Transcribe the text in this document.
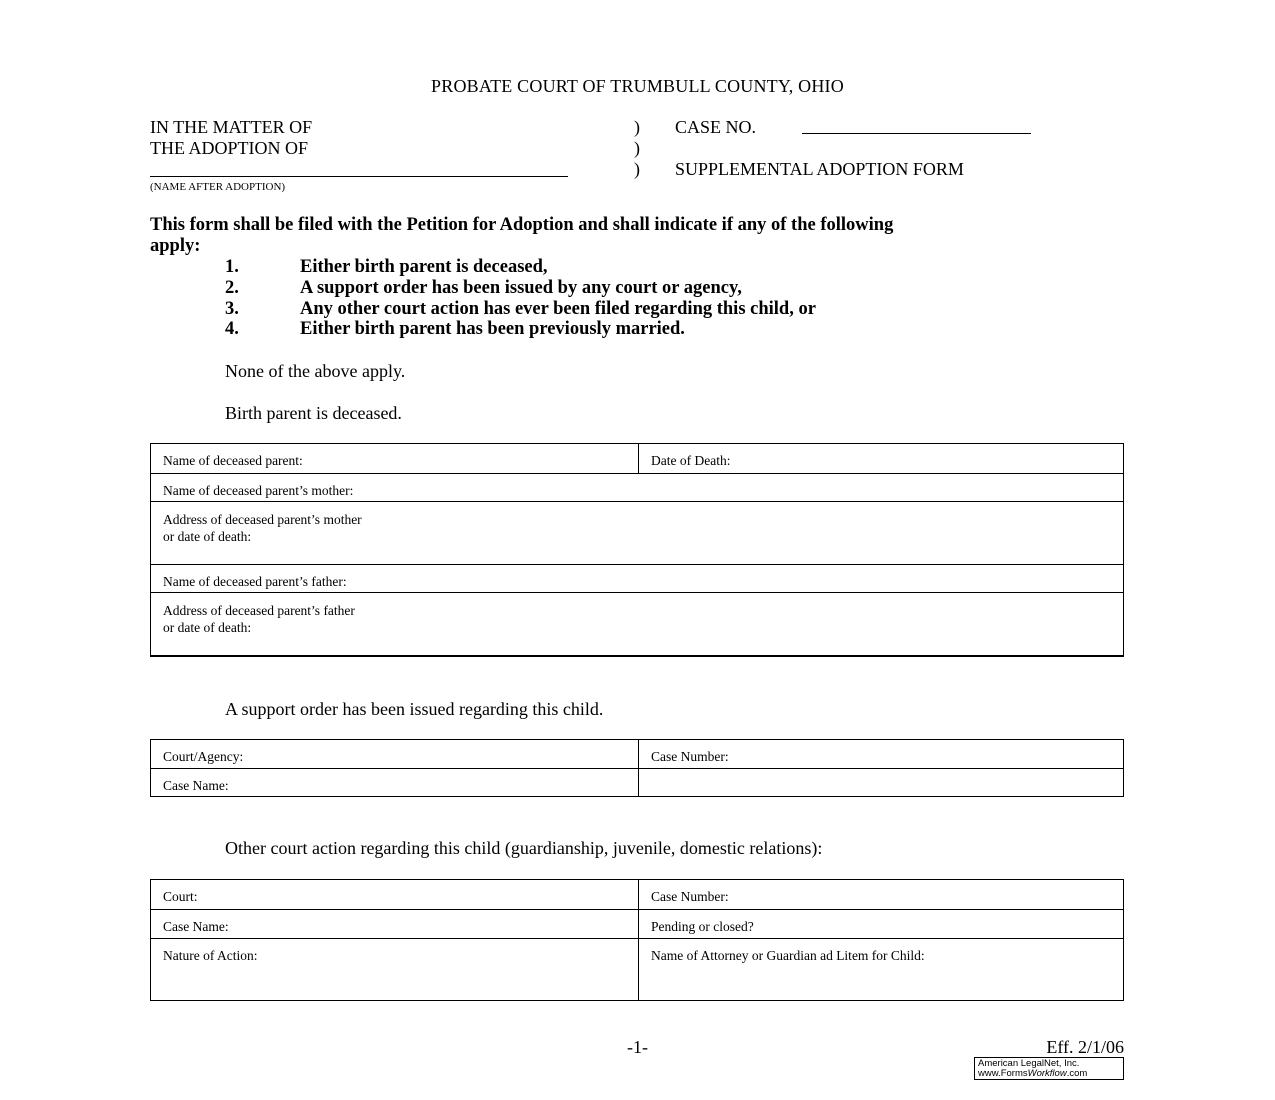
PROBATE COURT OF TRUMBULL COUNTY, OHIO
IN THE MATTER OF
THE ADOPTION OF
(NAME AFTER ADOPTION)
)
)
)
CASE NO.
SUPPLEMENTAL ADOPTION FORM
This form shall be filed with the Petition for Adoption and shall indicate if any of the following
apply:
1.	Either birth parent is deceased,
2.	A support order has been issued by any court or agency,
3.	Any other court action has ever been filed regarding this child, or
4.	Either birth parent has been previously married.
None of the above apply.
Birth parent is deceased.
Name of deceased parent:	Date of Death:
Name of deceased parent’s mother:

Address of deceased parent’s mother
or date of death:

Name of deceased parent’s father:

Address of deceased parent’s father
or date of death:
A support order has been issued regarding this child.
Court/Agency:	Case Number:
Case Name:	
Other court action regarding this child (guardianship, juvenile, domestic relations):
Court:	Case Number:
Case Name:	Pending or closed?
Nature of Action:	Name of Attorney or Guardian ad Litem for Child:
-1-	Eff. 2/1/06
American LegalNet, Inc.
www.FormsWorkflow.com
